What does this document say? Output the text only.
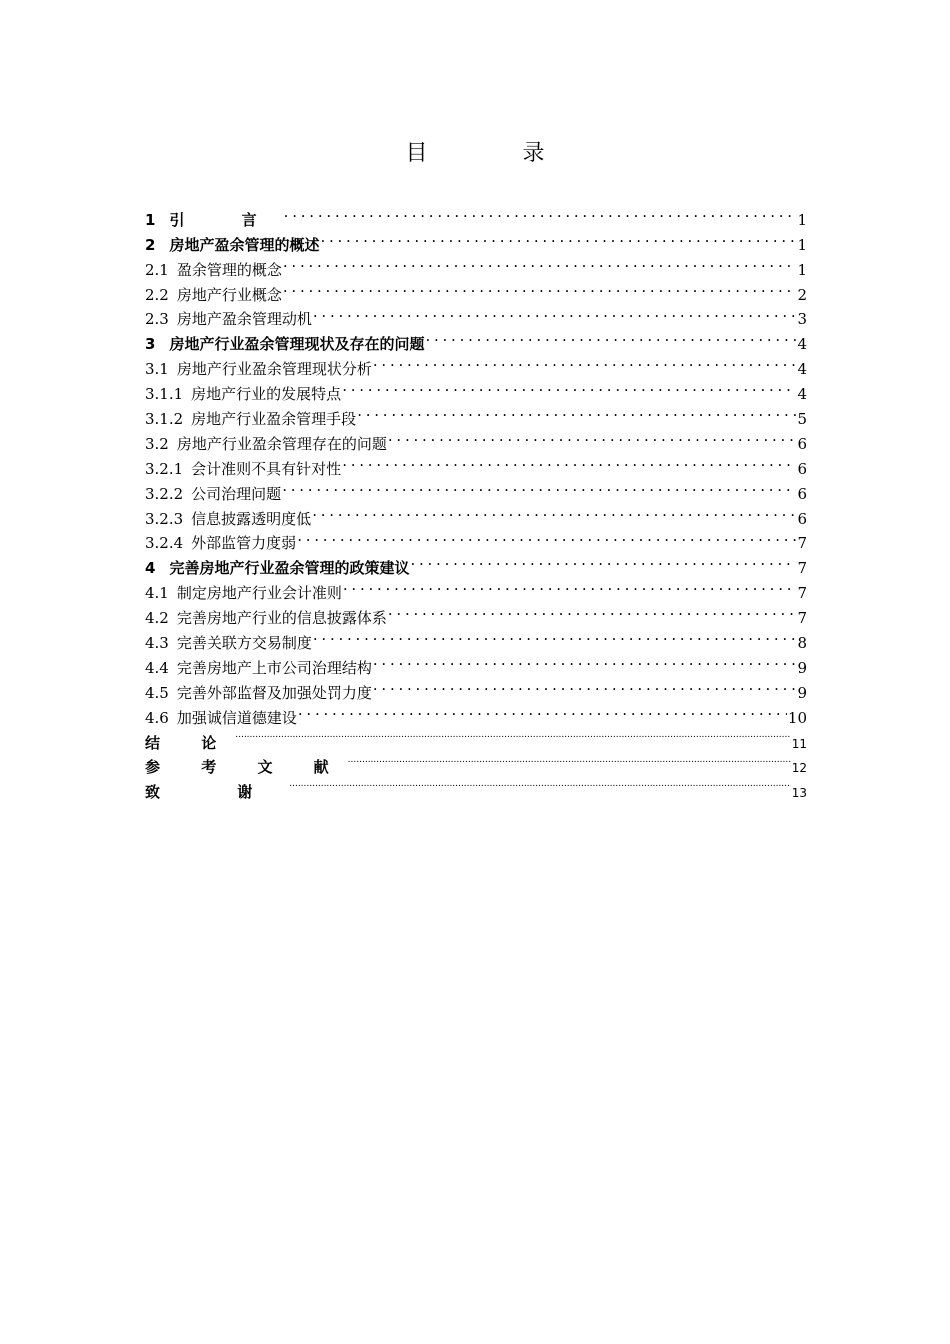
目 录
1 引 言 . . .	1
2 房地产盈余管理的概述 . . .	1
2.1 盈余管理的概念 . . .	1
2.2 房地产行业概念 . . .	2
2.3 房地产盈余管理动机 . . .	3
3 房地产行业盈余管理现状及存在的问题 . . .	4
3.1 房地产行业盈余管理现状分析 . . .	4
3.1.1 房地产行业的发展特点 . . .	4
3.1.2 房地产行业盈余管理手段 . . .	5
3.2 房地产行业盈余管理存在的问题 . . .	6
3.2.1 会计准则不具有针对性 . . .	6
3.2.2 公司治理问题 . . .	6
3.2.3 信息披露透明度低 . . .	6
3.2.4 外部监管力度弱 . . .	7
4 完善房地产行业盈余管理的政策建议 . . .	7
4.1 制定房地产行业会计准则 . . .	7
4.2 完善房地产行业的信息披露体系 . . .	7
4.3 完善关联方交易制度 . . .	8
4.4 完善房地产上市公司治理结构 . . .	9
4.5 完善外部监督及加强处罚力度 . . .	9
4.6 加强诚信道德建设 . . .	10
结 论 .....	11
参 考 文 献 .....	12
致 谢 .....	13
